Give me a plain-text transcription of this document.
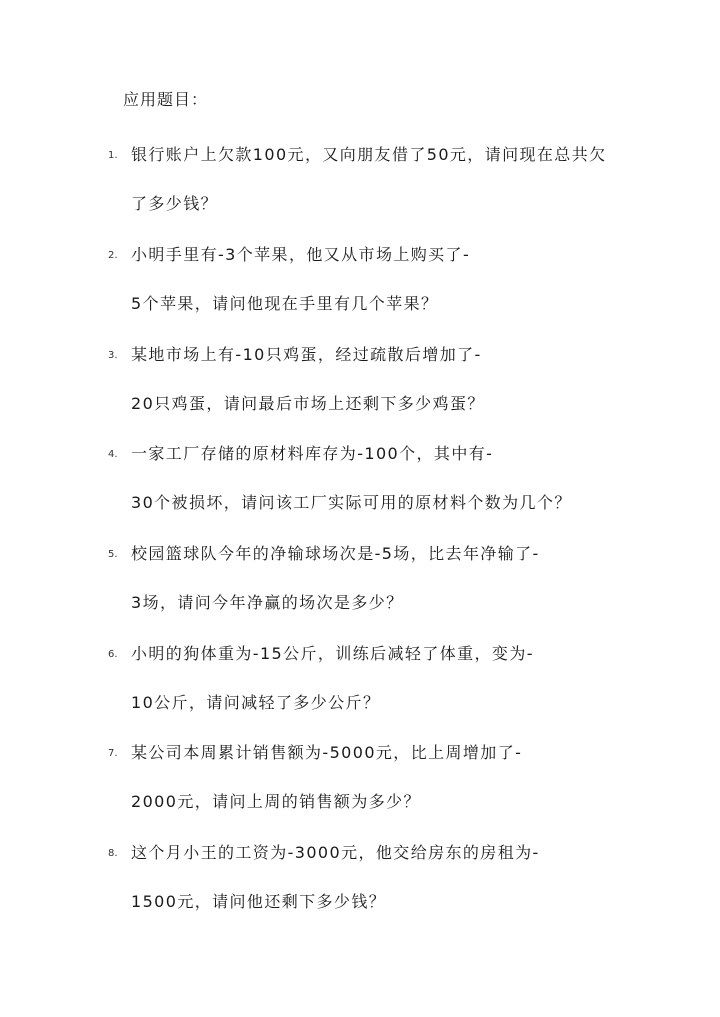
应用题目：
1. 银行账户上欠款100元，又向朋友借了50元，请问现在总共欠
了多少钱？
2. 小明手里有-3个苹果，他又从市场上购买了-
5个苹果，请问他现在手里有几个苹果？
3. 某地市场上有-10只鸡蛋，经过疏散后增加了-
20只鸡蛋，请问最后市场上还剩下多少鸡蛋？
4. 一家工厂存储的原材料库存为-100个，其中有-
30个被损坏，请问该工厂实际可用的原材料个数为几个？
5. 校园篮球队今年的净输球场次是-5场，比去年净输了-
3场，请问今年净赢的场次是多少？
6. 小明的狗体重为-15公斤，训练后减轻了体重，变为-
10公斤，请问减轻了多少公斤？
7. 某公司本周累计销售额为-5000元，比上周增加了-
2000元，请问上周的销售额为多少？
8. 这个月小王的工资为-3000元，他交给房东的房租为-
1500元，请问他还剩下多少钱？
